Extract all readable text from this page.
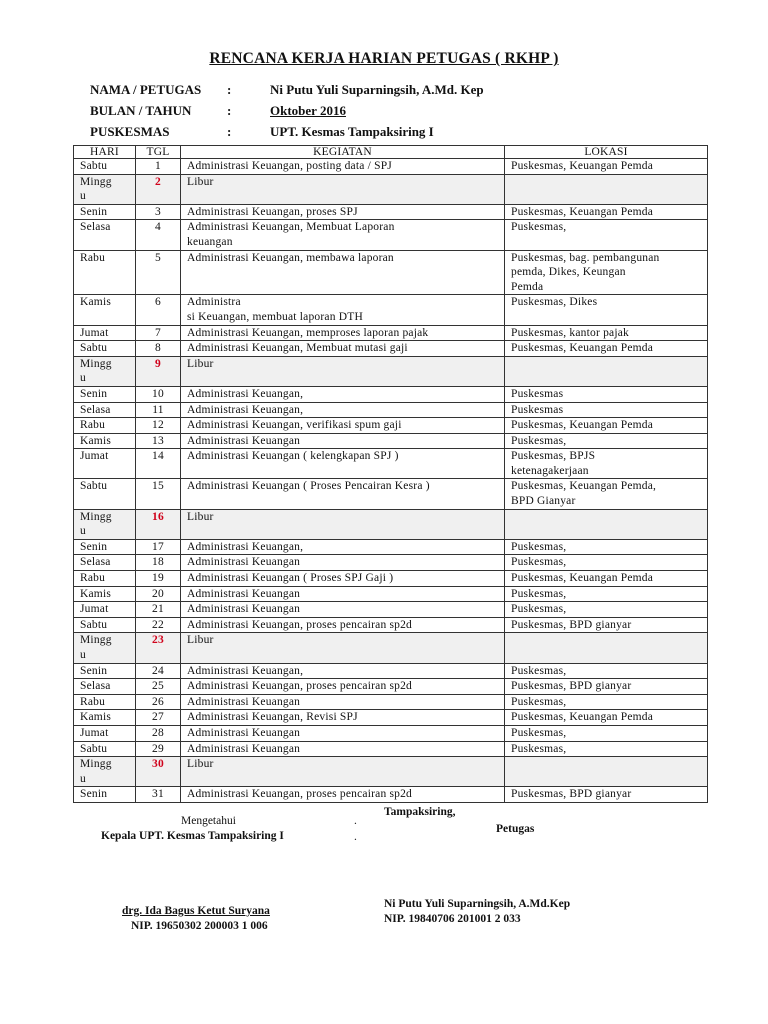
RENCANA KERJA HARIAN PETUGAS ( RKHP )
NAMA / PETUGAS :	Ni Putu Yuli Suparningsih, A.Md. Kep
BULAN / TAHUN	:	Oktober 2016
PUSKESMAS	:	UPT. Kesmas Tampaksiring I
HARI	TGL	KEGIATAN	LOKASI
Sabtu	1	Administrasi Keuangan, posting data / SPJ	Puskesmas, Keuangan Pemda
Mingg
u	2	Libur	
Senin	3	Administrasi Keuangan, proses SPJ	Puskesmas, Keuangan Pemda
Selasa	4	Administrasi Keuangan, Membuat Laporan
keuangan	Puskesmas,
Rabu	5	Administrasi Keuangan, membawa laporan	Puskesmas, bag. pembangunan
pemda, Dikes, Keungan
Pemda
Kamis	6	Administra
si Keuangan, membuat laporan DTH	Puskesmas, Dikes
Jumat	7	Administrasi Keuangan, memproses laporan pajak	Puskesmas, kantor pajak
Sabtu	8	Administrasi Keuangan, Membuat mutasi gaji	Puskesmas, Keuangan Pemda
Mingg
u	9	Libur	
Senin	10	Administrasi Keuangan,	Puskesmas
Selasa	11	Administrasi Keuangan,	Puskesmas
Rabu	12	Administrasi Keuangan, verifikasi spum gaji	Puskesmas, Keuangan Pemda
Kamis	13	Administrasi Keuangan	Puskesmas,
Jumat	14	Administrasi Keuangan ( kelengkapan SPJ )	Puskesmas, BPJS
ketenagakerjaan
Sabtu	15	Administrasi Keuangan ( Proses Pencairan Kesra )	Puskesmas, Keuangan Pemda,
BPD Gianyar
Mingg
u	16	Libur	
Senin	17	Administrasi Keuangan,	Puskesmas,
Selasa	18	Administrasi Keuangan	Puskesmas,
Rabu	19	Administrasi Keuangan ( Proses SPJ Gaji )	Puskesmas, Keuangan Pemda
Kamis	20	Administrasi Keuangan	Puskesmas,
Jumat	21	Administrasi Keuangan	Puskesmas,
Sabtu	22	Administrasi Keuangan, proses pencairan sp2d	Puskesmas, BPD gianyar
Mingg
u	23	Libur	
Senin	24	Administrasi Keuangan,	Puskesmas,
Selasa	25	Administrasi Keuangan, proses pencairan sp2d	Puskesmas, BPD gianyar
Rabu	26	Administrasi Keuangan	Puskesmas,
Kamis	27	Administrasi Keuangan, Revisi SPJ	Puskesmas, Keuangan Pemda
Jumat	28	Administrasi Keuangan	Puskesmas,
Sabtu	29	Administrasi Keuangan	Puskesmas,
Mingg
u	30	Libur	
Senin	31	Administrasi Keuangan, proses pencairan sp2d	Puskesmas, BPD gianyar
Mengetahui
Kepala UPT. Kesmas Tampaksiring I
.
.
Tampaksiring,
Petugas
drg. Ida Bagus Ketut Suryana
NIP. 19650302 200003 1 006
Ni Putu Yuli Suparningsih, A.Md.Kep
NIP. 19840706 201001 2 033
